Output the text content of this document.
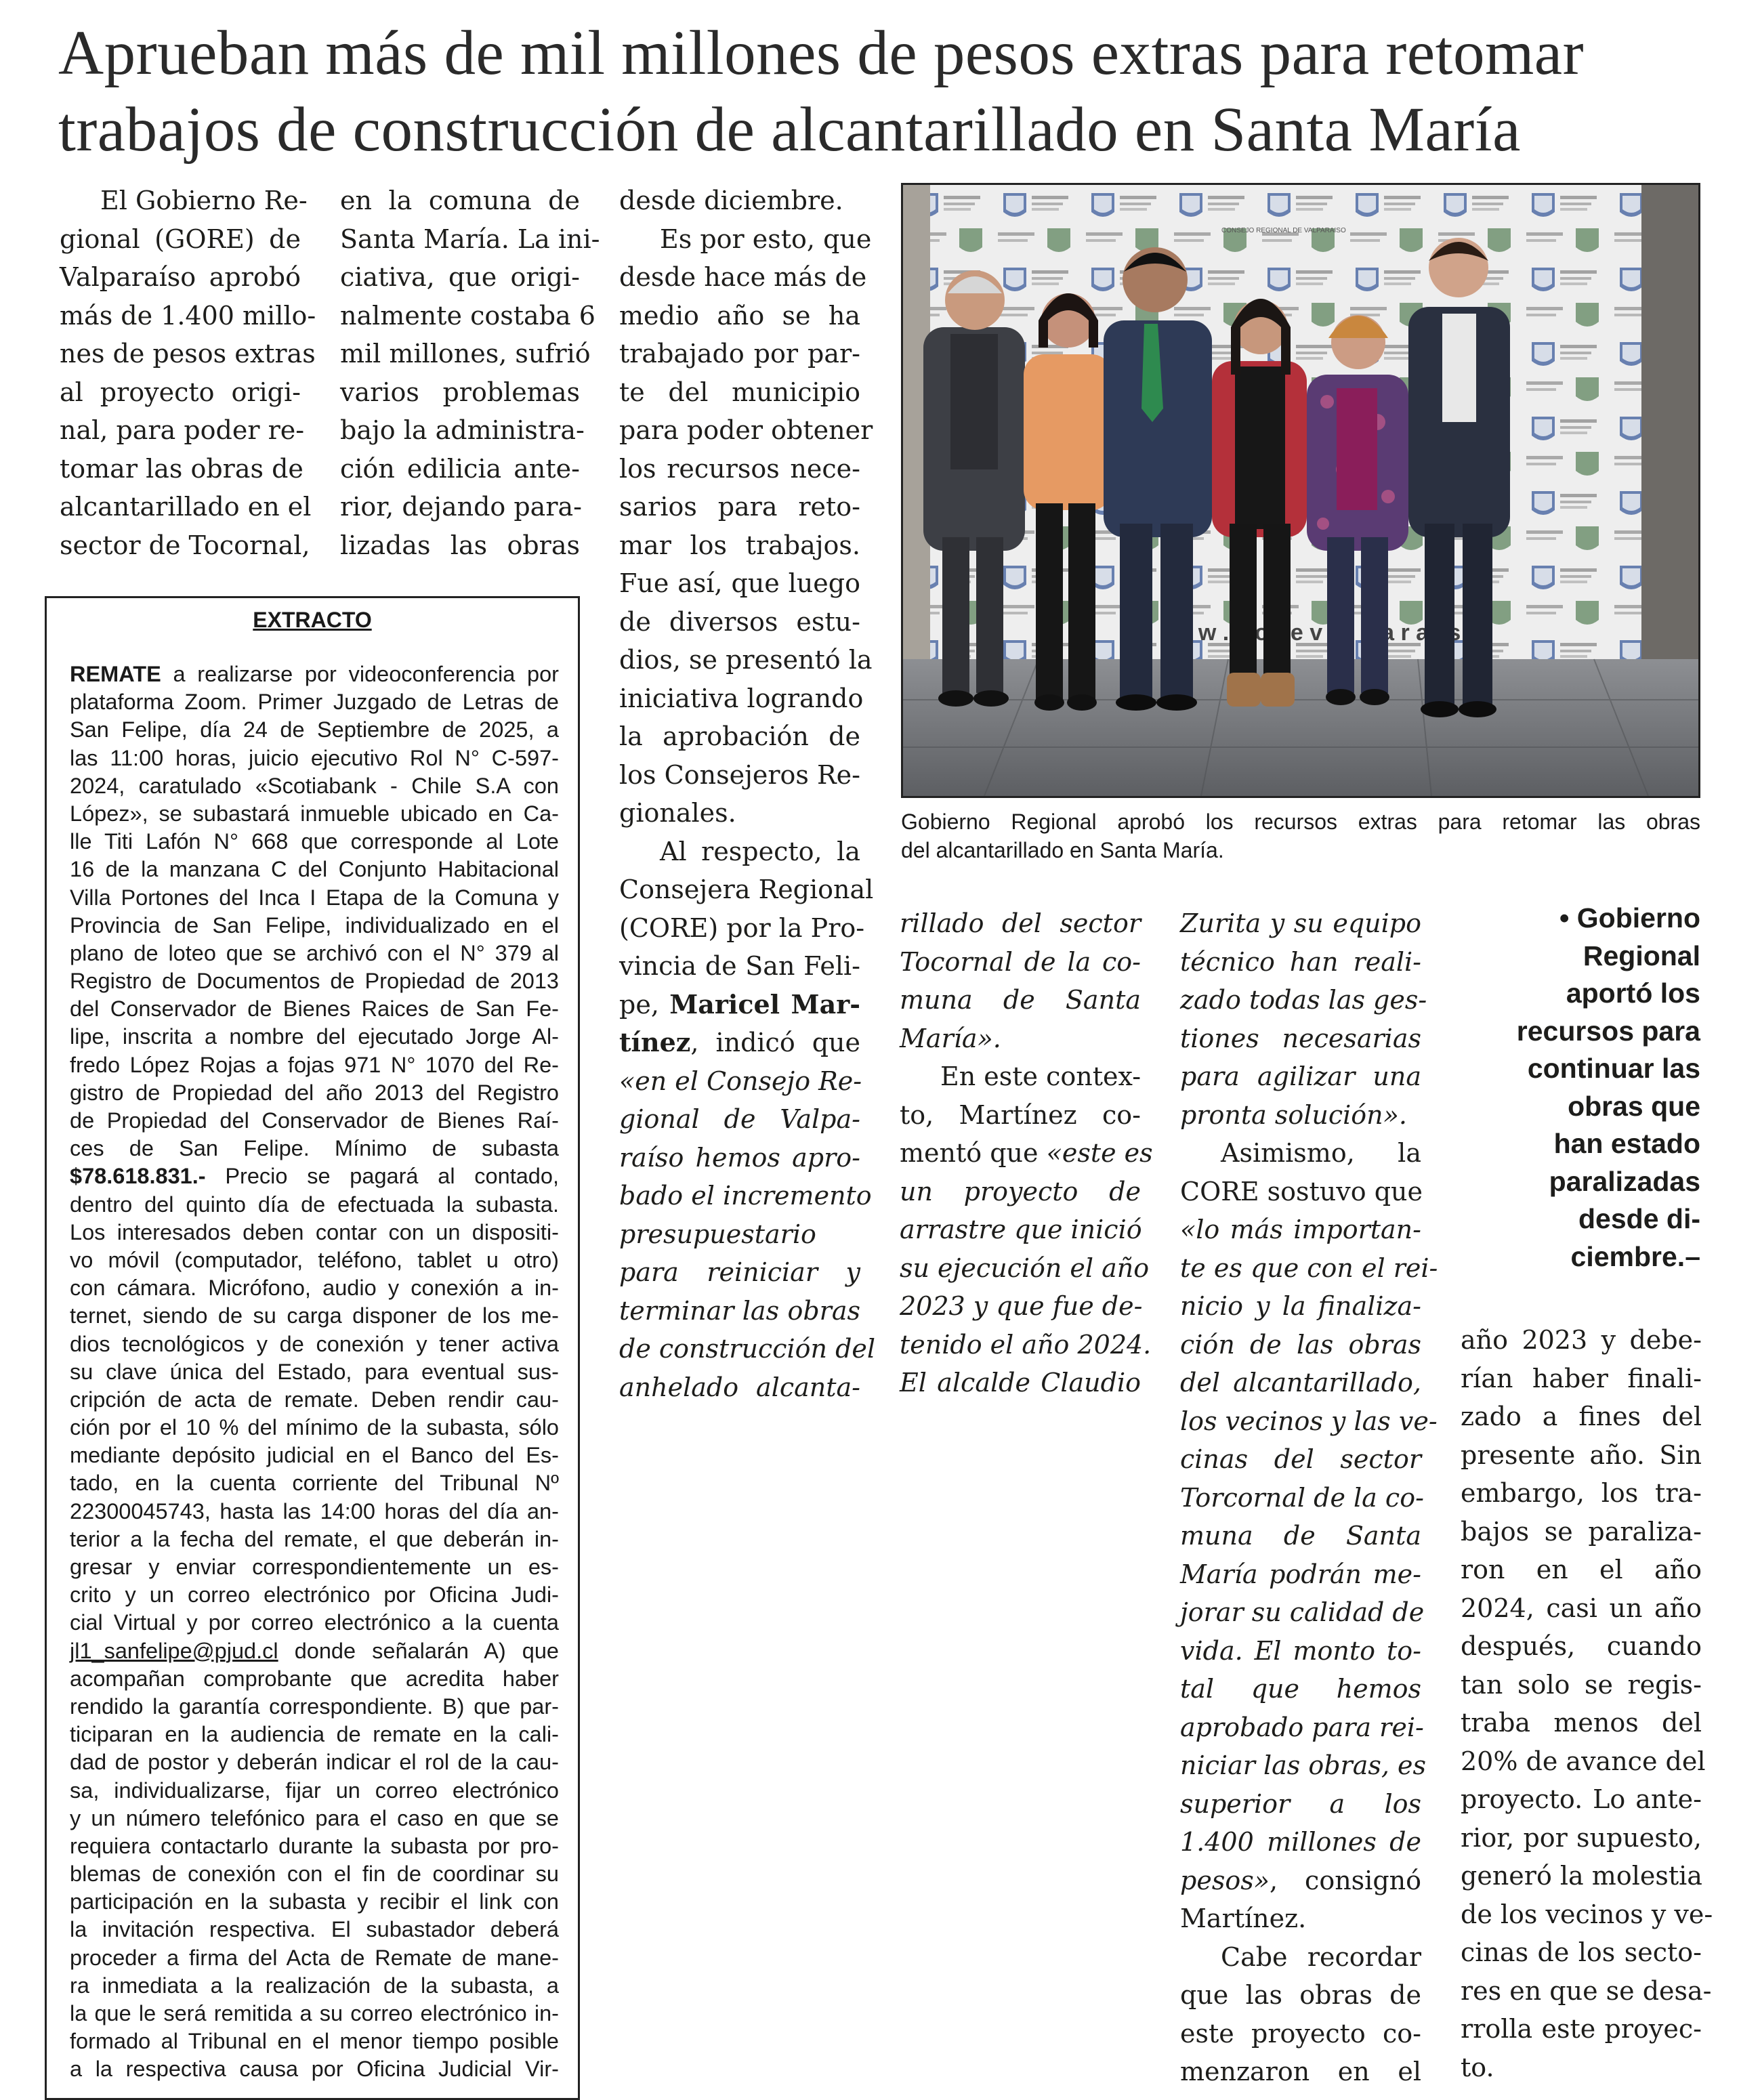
Aprueban más de mil millones de pesos extras para retomar
trabajos de construcción de alcantarillado en Santa María
El Gobierno Re-
gional (GORE) de
Valparaíso aprobó
más de 1.400 millo-
nes de pesos extras
al proyecto origi-
nal, para poder re-
tomar las obras de
alcantarillado en el
sector de Tocornal,
en la comuna de
Santa María. La ini-
ciativa, que origi-
nalmente costaba 6
mil millones, sufrió
varios problemas
bajo la administra-
ción edilicia ante-
rior, dejando para-
lizadas las obras
desde diciembre.
Es por esto, que
desde hace más de
medio año se ha
trabajado por par-
te del municipio
para poder obtener
los recursos nece-
sarios para reto-
mar los trabajos.
Fue así, que luego
de diversos estu-
dios, se presentó la
iniciativa logrando
la aprobación de
los Consejeros Re-
gionales.
Al respecto, la
Consejera Regional
(CORE) por la Pro-
vincia de San Feli-
pe, Maricel Mar-
tínez, indicó que
«en el Consejo Re-
gional de Valpa-
raíso hemos apro-
bado el incremento
presupuestario
para reiniciar y
terminar las obras
de construcción del
anhelado alcanta-
rillado del sector
Tocornal de la co-
muna de Santa
María».
En este contex-
to, Martínez co-
mentó que «este es
un proyecto de
arrastre que inició
su ejecución el año
2023 y que fue de-
tenido el año 2024.
El alcalde Claudio
Zurita y su equipo
técnico han reali-
zado todas las ges-
tiones necesarias
para agilizar una
pronta solución».
Asimismo, la
CORE sostuvo que
«lo más importan-
te es que con el rei-
nicio y la finaliza-
ción de las obras
del alcantarillado,
los vecinos y las ve-
cinas del sector
Torcornal de la co-
muna de Santa
María podrán me-
jorar su calidad de
vida. El monto to-
tal que hemos
aprobado para rei-
niciar las obras, es
superior a los
1.400 millones de
pesos», consignó
Martínez.
Cabe recordar
que las obras de
este proyecto co-
menzaron en el
año 2023 y debe-
rían haber finali-
zado a fines del
presente año. Sin
embargo, los tra-
bajos se paraliza-
ron en el año
2024, casi un año
después, cuando
tan solo se regis-
traba menos del
20% de avance del
proyecto. Lo ante-
rior, por supuesto,
generó la molestia
de los vecinos y ve-
cinas de los secto-
res en que se desa-
rrolla este proyec-
to.
• Gobierno
Regional
aportó los
recursos para
continuar las
obras que
han estado
paralizadas
desde di-
ciembre.–
w . o e v r a
CONSEJO REGIONAL DE VALPARAISO
Gobierno Regional aprobó los recursos extras para retomar las obras
del alcantarillado en Santa María.
EXTRACTO
REMATE a realizarse por videoconferencia por
plataforma Zoom. Primer Juzgado de Letras de
San Felipe, día 24 de Septiembre de 2025, a
las 11:00 horas, juicio ejecutivo Rol N° C-597-
2024, caratulado «Scotiabank - Chile S.A con
López», se subastará inmueble ubicado en Ca-
lle Titi Lafón N° 668 que corresponde al Lote
16 de la manzana C del Conjunto Habitacional
Villa Portones del Inca I Etapa de la Comuna y
Provincia de San Felipe, individualizado en el
plano de loteo que se archivó con el N° 379 al
Registro de Documentos de Propiedad de 2013
del Conservador de Bienes Raices de San Fe-
lipe, inscrita a nombre del ejecutado Jorge Al-
fredo López Rojas a fojas 971 N° 1070 del Re-
gistro de Propiedad del año 2013 del Registro
de Propiedad del Conservador de Bienes Raí-
ces de San Felipe. Mínimo de subasta
$78.618.831.- Precio se pagará al contado,
dentro del quinto día de efectuada la subasta.
Los interesados deben contar con un dispositi-
vo móvil (computador, teléfono, tablet u otro)
con cámara. Micrófono, audio y conexión a in-
ternet, siendo de su carga disponer de los me-
dios tecnológicos y de conexión y tener activa
su clave única del Estado, para eventual sus-
cripción de acta de remate. Deben rendir cau-
ción por el 10 % del mínimo de la subasta, sólo
mediante depósito judicial en el Banco del Es-
tado, en la cuenta corriente del Tribunal Nº
22300045743, hasta las 14:00 horas del día an-
terior a la fecha del remate, el que deberán in-
gresar y enviar correspondientemente un es-
crito y un correo electrónico por Oficina Judi-
cial Virtual y por correo electrónico a la cuenta
jl1_sanfelipe@pjud.cl donde señalarán A) que
acompañan comprobante que acredita haber
rendido la garantía correspondiente. B) que par-
ticiparan en la audiencia de remate en la cali-
dad de postor y deberán indicar el rol de la cau-
sa, individualizarse, fijar un correo electrónico
y un número telefónico para el caso en que se
requiera contactarlo durante la subasta por pro-
blemas de conexión con el fin de coordinar su
participación en la subasta y recibir el link con
la invitación respectiva. El subastador deberá
proceder a firma del Acta de Remate de mane-
ra inmediata a la realización de la subasta, a
la que le será remitida a su correo electrónico in-
formado al Tribunal en el menor tiempo posible
a la respectiva causa por Oficina Judicial Vir-
